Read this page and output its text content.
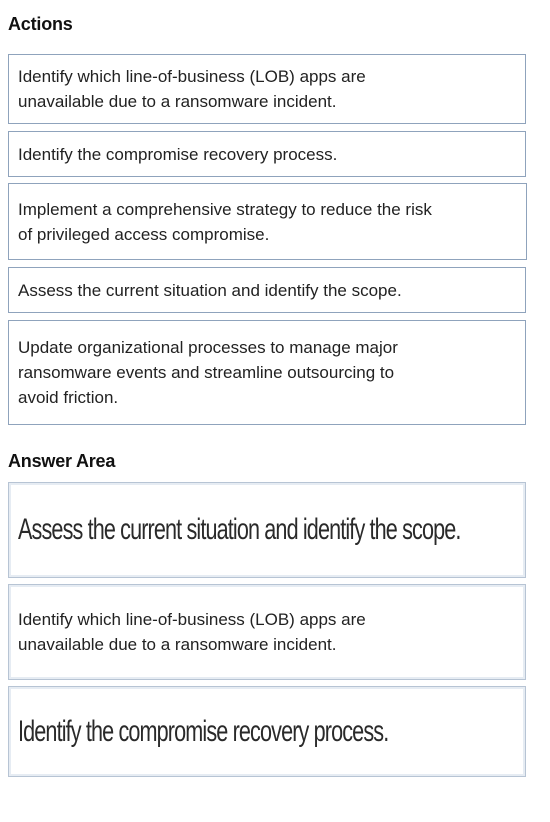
Actions
Identify which line-of-business (LOB) apps are
unavailable due to a ransomware incident.
Identify the compromise recovery process.
Implement a comprehensive strategy to reduce the risk
of privileged access compromise.
Assess the current situation and identify the scope.
Update organizational processes to manage major
ransomware events and streamline outsourcing to
avoid friction.
Answer Area
Assess the current situation and identify the scope.
Identify which line-of-business (LOB) apps are
unavailable due to a ransomware incident.
Identify the compromise recovery process.
